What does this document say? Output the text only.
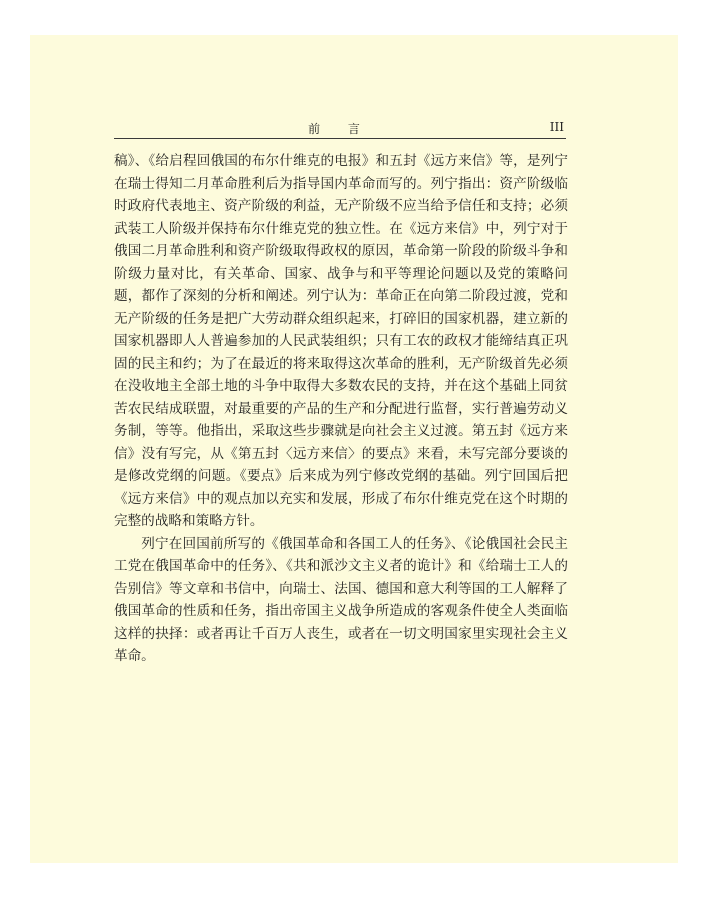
前 言	III

稿》、《给启程回俄国的布尔什维克的电报》和五封《远方来信》等，是列宁在瑞士得知二月革命胜利后为指导国内革命而写的。列宁指出：资产阶级临时政府代表地主、资产阶级的利益，无产阶级不应当给予信任和支持；必须武装工人阶级并保持布尔什维克党的独立性。在《远方来信》中，列宁对于俄国二月革命胜利和资产阶级取得政权的原因，革命第一阶段的阶级斗争和阶级力量对比，有关革命、国家、战争与和平等理论问题以及党的策略问题，都作了深刻的分析和阐述。列宁认为：革命正在向第二阶段过渡，党和无产阶级的任务是把广大劳动群众组织起来，打碎旧的国家机器，建立新的国家机器即人人普遍参加的人民武装组织；只有工农的政权才能缔结真正巩固的民主和约；为了在最近的将来取得这次革命的胜利，无产阶级首先必须在没收地主全部土地的斗争中取得大多数农民的支持，并在这个基础上同贫苦农民结成联盟，对最重要的产品的生产和分配进行监督，实行普遍劳动义务制，等等。他指出，采取这些步骤就是向社会主义过渡。第五封《远方来信》没有写完，从《第五封〈远方来信〉的要点》来看，未写完部分要谈的是修改党纲的问题。《要点》后来成为列宁修改党纲的基础。列宁回国后把《远方来信》中的观点加以充实和发展，形成了布尔什维克党在这个时期的完整的战略和策略方针。

列宁在回国前所写的《俄国革命和各国工人的任务》、《论俄国社会民主工党在俄国革命中的任务》、《共和派沙文主义者的诡计》和《给瑞士工人的告别信》等文章和书信中，向瑞士、法国、德国和意大利等国的工人解释了俄国革命的性质和任务，指出帝国主义战争所造成的客观条件使全人类面临这样的抉择：或者再让千百万人丧生，或者在一切文明国家里实现社会主义革命。
